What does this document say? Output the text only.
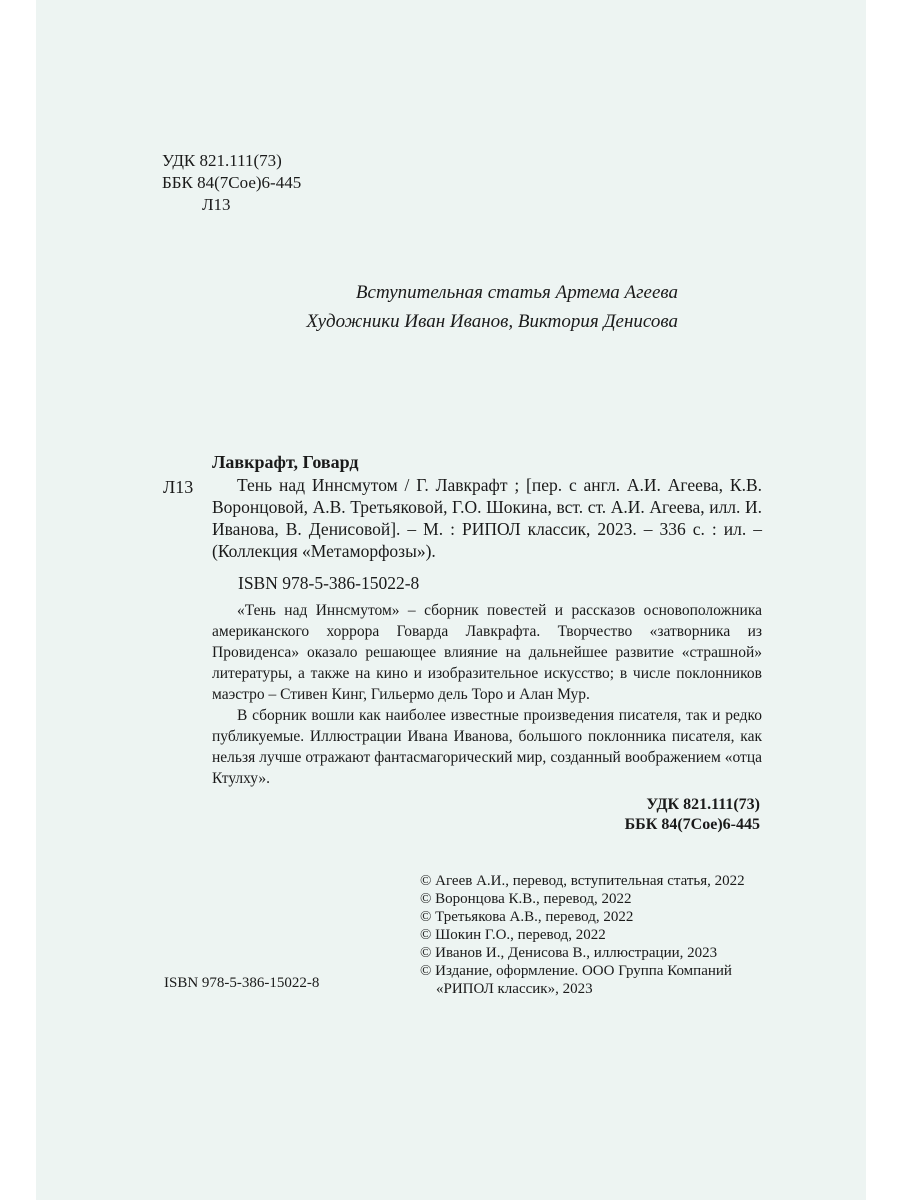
УДК 821.111(73)
ББК 84(7Сое)6-445
Л13
Вступительная статья Артема Агеева
Художники Иван Иванов, Виктория Денисова
Лавкрафт, Говард
Л13	Тень над Иннсмутом / Г. Лавкрафт ; [пер. с англ. А.И. Агеева, К.В. Воронцовой, А.В. Третьяковой, Г.О. Шокина, вст. ст. А.И. Агеева, илл. И. Иванова, В. Денисовой]. – М. : РИПОЛ классик, 2023. – 336 с. : ил. – (Коллекция «Метаморфозы»).

ISBN 978-5-386-15022-8

«Тень над Иннсмутом» – сборник повестей и рассказов основоположника американского хоррора Говарда Лавкрафта. Творчество «затворника из Провиденса» оказало решающее влияние на дальнейшее развитие «страшной» литературы, а также на кино и изобразительное искусство; в числе поклонников маэстро – Стивен Кинг, Гильермо дель Торо и Алан Мур.

В сборник вошли как наиболее известные произведения писателя, так и редко публикуемые. Иллюстрации Ивана Иванова, большого поклонника писателя, как нельзя лучше отражают фантасмагорический мир, созданный воображением «отца Ктулху».

УДК 821.111(73)
ББК 84(7Сое)6-445
© Агеев А.И., перевод, вступительная статья, 2022
© Воронцова К.В., перевод, 2022
© Третьякова А.В., перевод, 2022
© Шокин Г.О., перевод, 2022
© Иванов И., Денисова В., иллюстрации, 2023
© Издание, оформление. ООО Группа Компаний
«РИПОЛ классик», 2023
ISBN 978-5-386-15022-8
